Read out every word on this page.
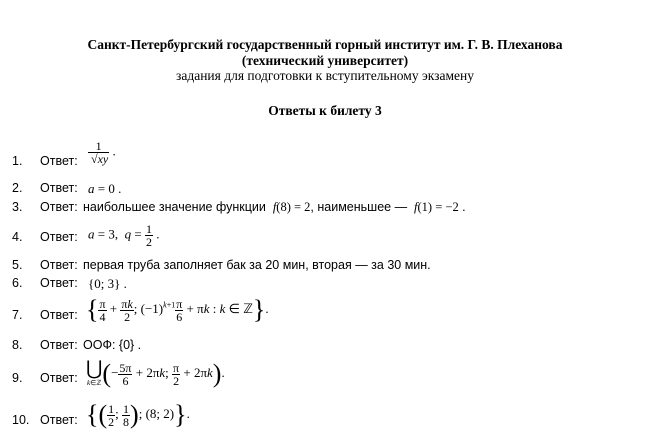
Санкт-Петербургский государственный горный институт им. Г. В. Плеханова
(технический университет)
задания для подготовки к вступительному экзамену
Ответы к билету 3
1. Ответ: $\frac{1}{√xy}$ .
2. Ответ: a = 0 .
3. Ответ: наибольшее значение функции  f(8) = 2, наименьшее —  f(1) = −2 .
4. Ответ: a = 3,  $q = \frac{1}{2}$ .
5. Ответ: первая труба заполняет бак за 20 мин, вторая — за 30 мин.
6. Ответ: {0; 3} .
7. Ответ: { $\frac{\pi}{4} + \frac{\pi k}{2}$ ; $(-1)^{k+1} \frac{\pi}{6} + \pi k$ : k ∈ ℤ}.
8. Ответ: ООФ: {0} .
9. Ответ: ⋃
k∈ℤ (− $\frac{5\pi}{6} + 2\pi k$; $\frac{\pi}{2} + 2\pi k$).
10. Ответ: {( $\frac{1}{2}$ ; $\frac{1}{8}$ ); (8; 2)}.
